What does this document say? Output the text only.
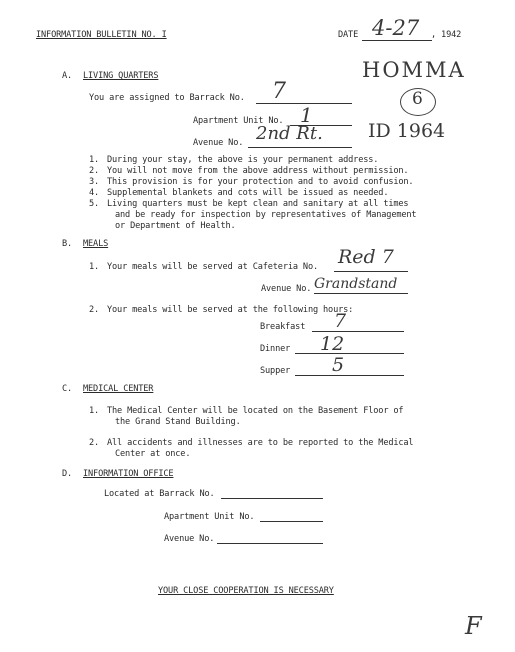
INFORMATION BULLETIN NO. I	DATE 4-27 , 1942
HOMMA
6
ID 1964
F
A. LIVING QUARTERS
You are assigned to Barrack No. 7
Apartment Unit No. 1
Avenue No. 2nd Rt.
1. During your stay, the above is your permanent address.
2. You will not move from the above address without permission.
3. This provision is for your protection and to avoid confusion.
4. Supplemental blankets and cots will be issued as needed.
5. Living quarters must be kept clean and sanitary at all times
and be ready for inspection by representatives of Management
or Department of Health.
B. MEALS
1. Your meals will be served at Cafeteria No. Red 7
Avenue No. Grandstand
2. Your meals will be served at the following hours:
Breakfast 7
Dinner 12
Supper 5
C. MEDICAL CENTER
1. The Medical Center will be located on the Basement Floor of
the Grand Stand Building.
2. All accidents and illnesses are to be reported to the Medical
Center at once.
D. INFORMATION OFFICE
Located at Barrack No.
Apartment Unit No.
Avenue No.
YOUR CLOSE COOPERATION IS NECESSARY
